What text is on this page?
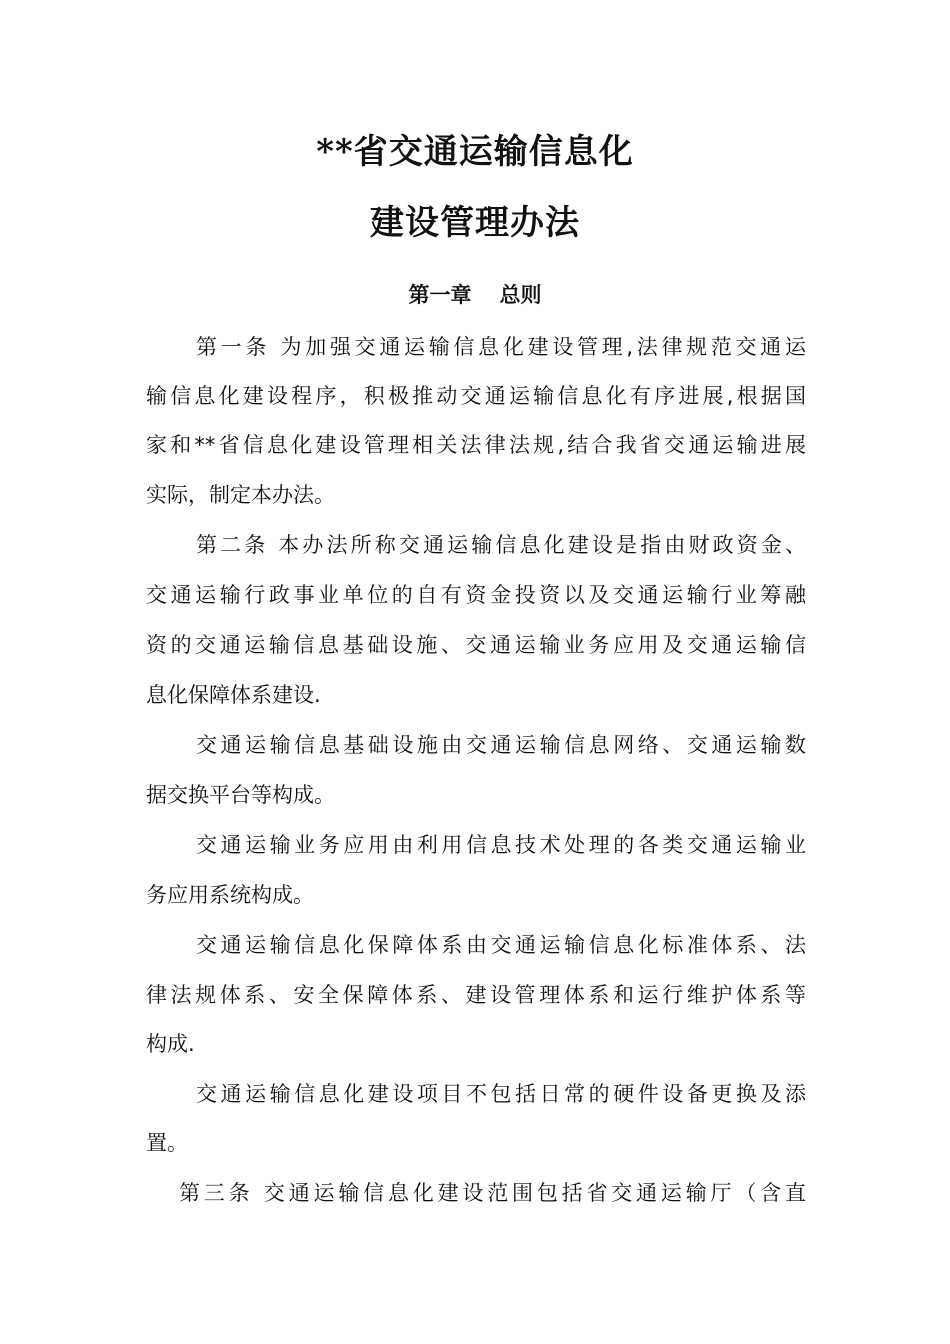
**省交通运输信息化
建设管理办法
第一章 总则
第一条 为加强交通运输信息化建设管理,法律规范交通运
输信息化建设程序，积极推动交通运输信息化有序进展,根据国
家和**省信息化建设管理相关法律法规,结合我省交通运输进展
实际，制定本办法。
第二条 本办法所称交通运输信息化建设是指由财政资金、
交通运输行政事业单位的自有资金投资以及交通运输行业筹融
资的交通运输信息基础设施、交通运输业务应用及交通运输信
息化保障体系建设.
交通运输信息基础设施由交通运输信息网络、交通运输数
据交换平台等构成。
交通运输业务应用由利用信息技术处理的各类交通运输业
务应用系统构成。
交通运输信息化保障体系由交通运输信息化标准体系、法
律法规体系、安全保障体系、建设管理体系和运行维护体系等
构成.
交通运输信息化建设项目不包括日常的硬件设备更换及添
置。
第三条 交通运输信息化建设范围包括省交通运输厅（含直
